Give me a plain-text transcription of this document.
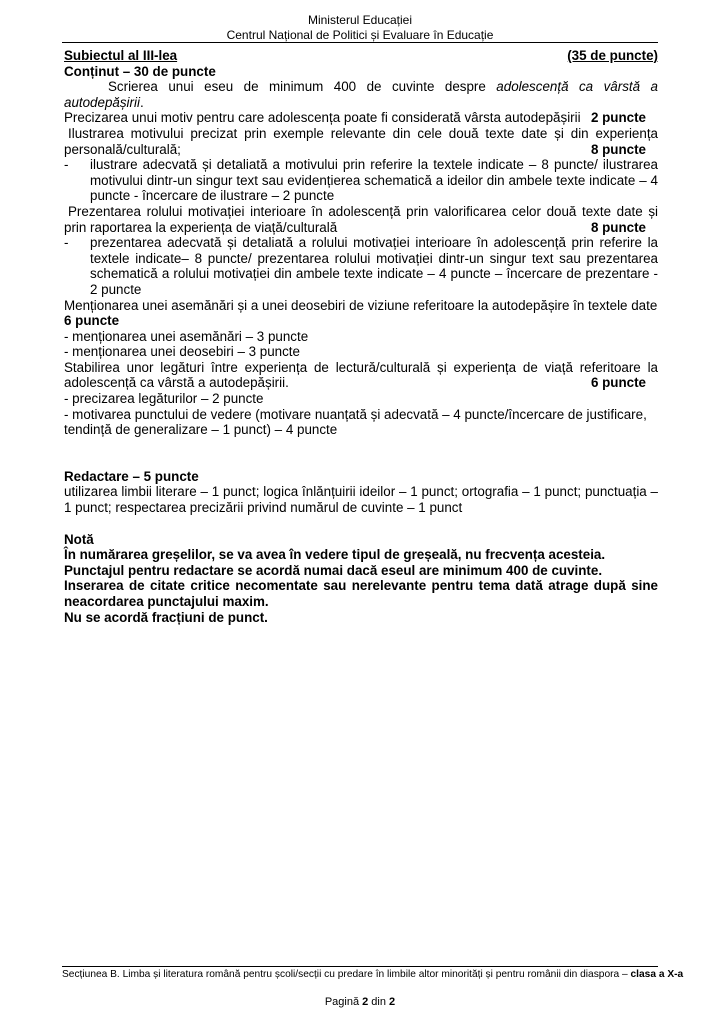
Ministerul Educației
Centrul Național de Politici și Evaluare în Educație
Subiectul al III-lea	(35 de puncte)

Conținut – 30 de puncte

Scrierea unui eseu de minimum 400 de cuvinte despre adolescență ca vârstă a autodepășirii.

Precizarea unui motiv pentru care adolescența poate fi considerată vârsta autodepășirii 2 puncte

Ilustrarea motivului precizat prin exemple relevante din cele două texte date și din experiența personală/culturală;	8 puncte

-	ilustrare adecvată și detaliată a motivului prin referire la textele indicate – 8 puncte/ ilustrarea motivului dintr-un singur text sau evidențierea schematică a ideilor din ambele texte indicate – 4 puncte - încercare de ilustrare – 2 puncte

Prezentarea rolului motivației interioare în adolescență prin valorificarea celor două texte date și prin raportarea la experiența de viață/culturală	8 puncte

-	prezentarea adecvată și detaliată a rolului motivației interioare în adolescență prin referire la textele indicate– 8 puncte/ prezentarea rolului motivației dintr-un singur text sau prezentarea schematică a rolului motivației din ambele texte indicate – 4 puncte – încercare de prezentare - 2 puncte

Menționarea unei asemănări și a unei deosebiri de viziune referitoare la autodepășire în textele date
6 puncte

- menționarea unei asemănări – 3 puncte

- menționarea unei deosebiri – 3 puncte

Stabilirea unor legături între experiența de lectură/culturală și experiența de viață referitoare la adolescență ca vârstă a autodepășirii.	6 puncte

- precizarea legăturilor – 2 puncte

- motivarea punctului de vedere (motivare nuanțată și adecvată – 4 puncte/încercare de justificare, tendință de generalizare – 1 punct) – 4 puncte

Redactare – 5 puncte

utilizarea limbii literare – 1 punct; logica înlănțuirii ideilor – 1 punct; ortografia – 1 punct; punctuația – 1 punct; respectarea precizării privind numărul de cuvinte – 1 punct

Notă

În numărarea greșelilor, se va avea în vedere tipul de greșeală, nu frecvența acesteia.

Punctajul pentru redactare se acordă numai dacă eseul are minimum 400 de cuvinte.

Inserarea de citate critice necomentate sau nerelevante pentru tema dată atrage după sine neacordarea punctajului maxim.

Nu se acordă fracțiuni de punct.

Secțiunea B. Limba și literatura română pentru școli/secții cu predare în limbile altor minorități și pentru românii din diaspora – clasa a X-a
Pagină 2 din 2
